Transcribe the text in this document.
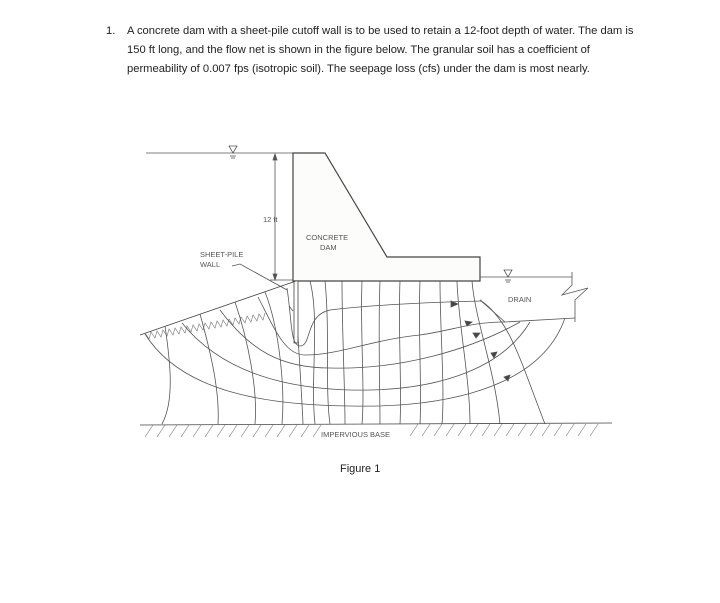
1. A concrete dam with a sheet-pile cutoff wall is to be used to retain a 12-foot depth of water. The dam is 150 ft long, and the flow net is shown in the figure below. The granular soil has a coefficient of permeability of 0.007 fps (isotropic soil). The seepage loss (cfs) under the dam is most nearly.
12 ft
CONCRETE
DAM
DRAIN
SHEET-PILE
WALL
IMPERVIOUS BASE
Figure 1
